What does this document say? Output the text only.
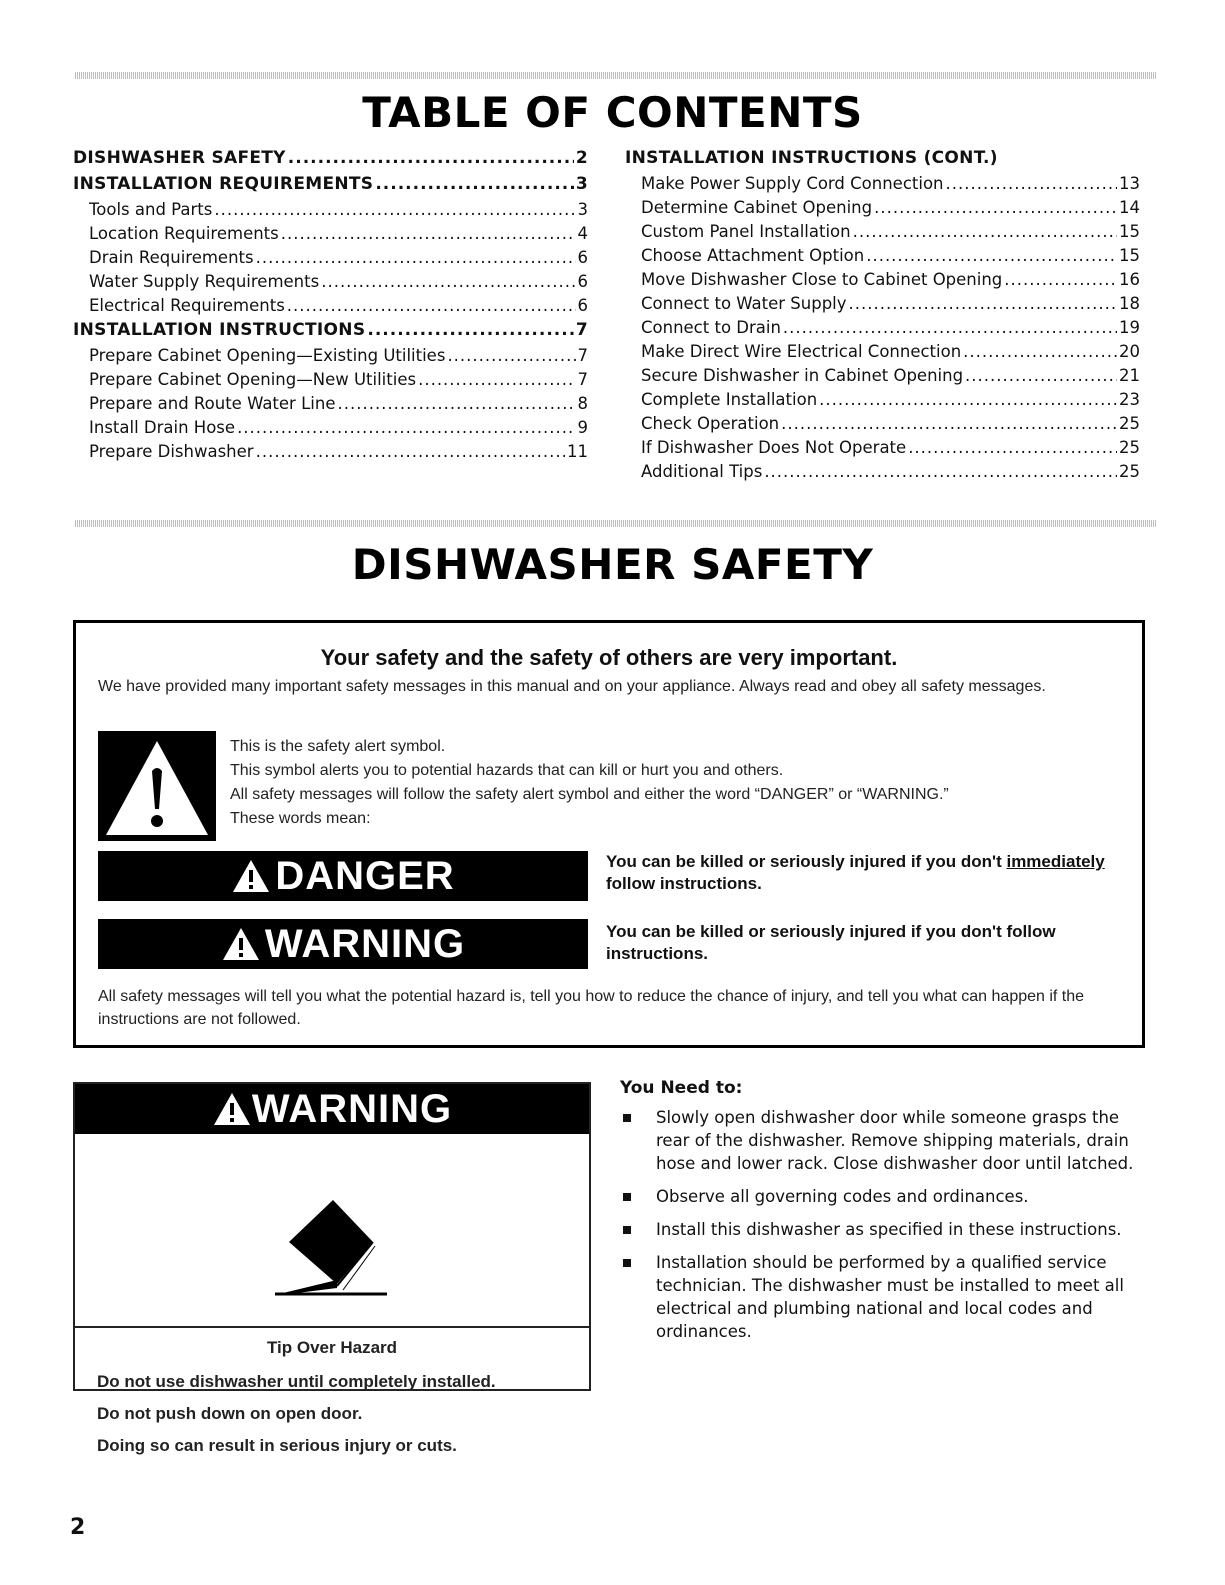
TABLE OF CONTENTS
DISHWASHER SAFETY .....	2
INSTALLATION REQUIREMENTS .....	3
Tools and Parts .....	3
Location Requirements .....	4
Drain Requirements .....	6
Water Supply Requirements .....	6
Electrical Requirements .....	6
INSTALLATION INSTRUCTIONS .....	7
Prepare Cabinet Opening—Existing Utilities .....	7
Prepare Cabinet Opening—New Utilities .....	7
Prepare and Route Water Line .....	8
Install Drain Hose .....	9
Prepare Dishwasher .....	11
INSTALLATION INSTRUCTIONS (CONT.)
Make Power Supply Cord Connection .....	13
Determine Cabinet Opening .....	14
Custom Panel Installation .....	15
Choose Attachment Option .....	15
Move Dishwasher Close to Cabinet Opening .....	16
Connect to Water Supply .....	18
Connect to Drain .....	19
Make Direct Wire Electrical Connection .....	20
Secure Dishwasher in Cabinet Opening .....	21
Complete Installation .....	23
Check Operation .....	25
If Dishwasher Does Not Operate .....	25
Additional Tips .....	25
DISHWASHER SAFETY
Your safety and the safety of others are very important.
We have provided many important safety messages in this manual and on your appliance. Always read and obey all safety messages.
This is the safety alert symbol.
This symbol alerts you to potential hazards that can kill or hurt you and others.
All safety messages will follow the safety alert symbol and either the word “DANGER” or “WARNING.”
These words mean:
DANGER	You can be killed or seriously injured if you don't immediately follow instructions.
WARNING	You can be killed or seriously injured if you don't follow instructions.
All safety messages will tell you what the potential hazard is, tell you how to reduce the chance of injury, and tell you what can happen if the instructions are not followed.
WARNING
Tip Over Hazard
Do not use dishwasher until completely installed.
Do not push down on open door.
Doing so can result in serious injury or cuts.
You Need to:
Slowly open dishwasher door while someone grasps the rear of the dishwasher. Remove shipping materials, drain hose and lower rack. Close dishwasher door until latched.
Observe all governing codes and ordinances.
Install this dishwasher as specified in these instructions.
Installation should be performed by a qualified service technician. The dishwasher must be installed to meet all electrical and plumbing national and local codes and ordinances.
2
